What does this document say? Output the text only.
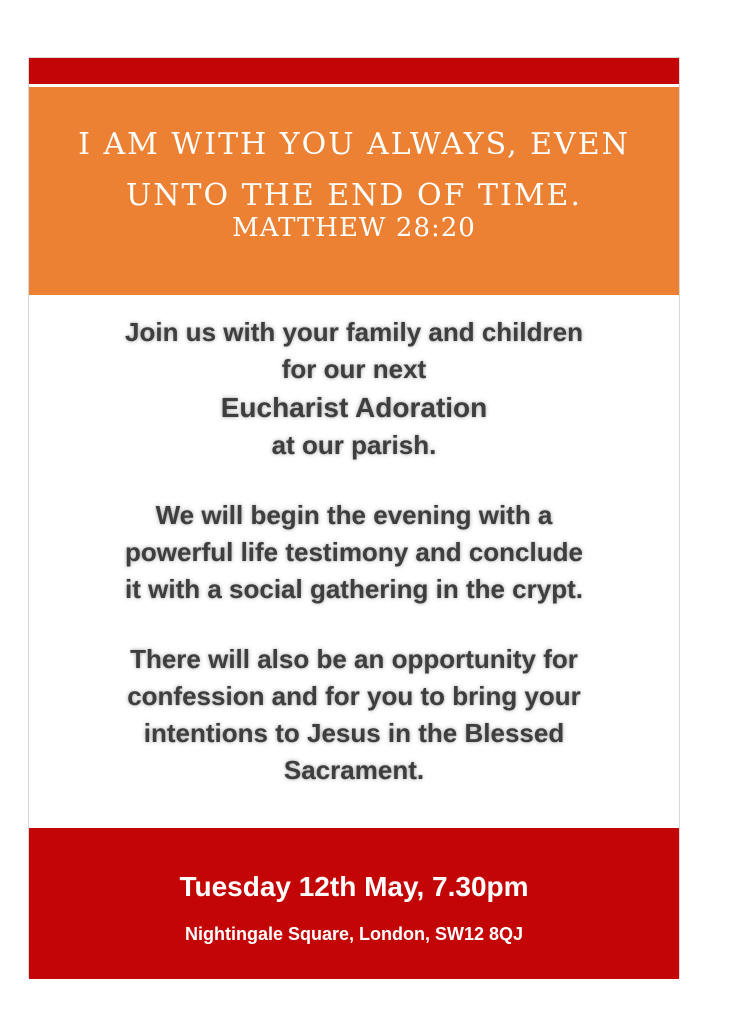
I AM WITH YOU ALWAYS, EVEN
UNTO THE END OF TIME.
MATTHEW 28:20
Join us with your family and children
for our next
Eucharist Adoration
at our parish.
We will begin the evening with a
powerful life testimony and conclude
it with a social gathering in the crypt.
There will also be an opportunity for
confession and for you to bring your
intentions to Jesus in the Blessed
Sacrament.
Tuesday 12th May, 7.30pm
Nightingale Square, London, SW12 8QJ
